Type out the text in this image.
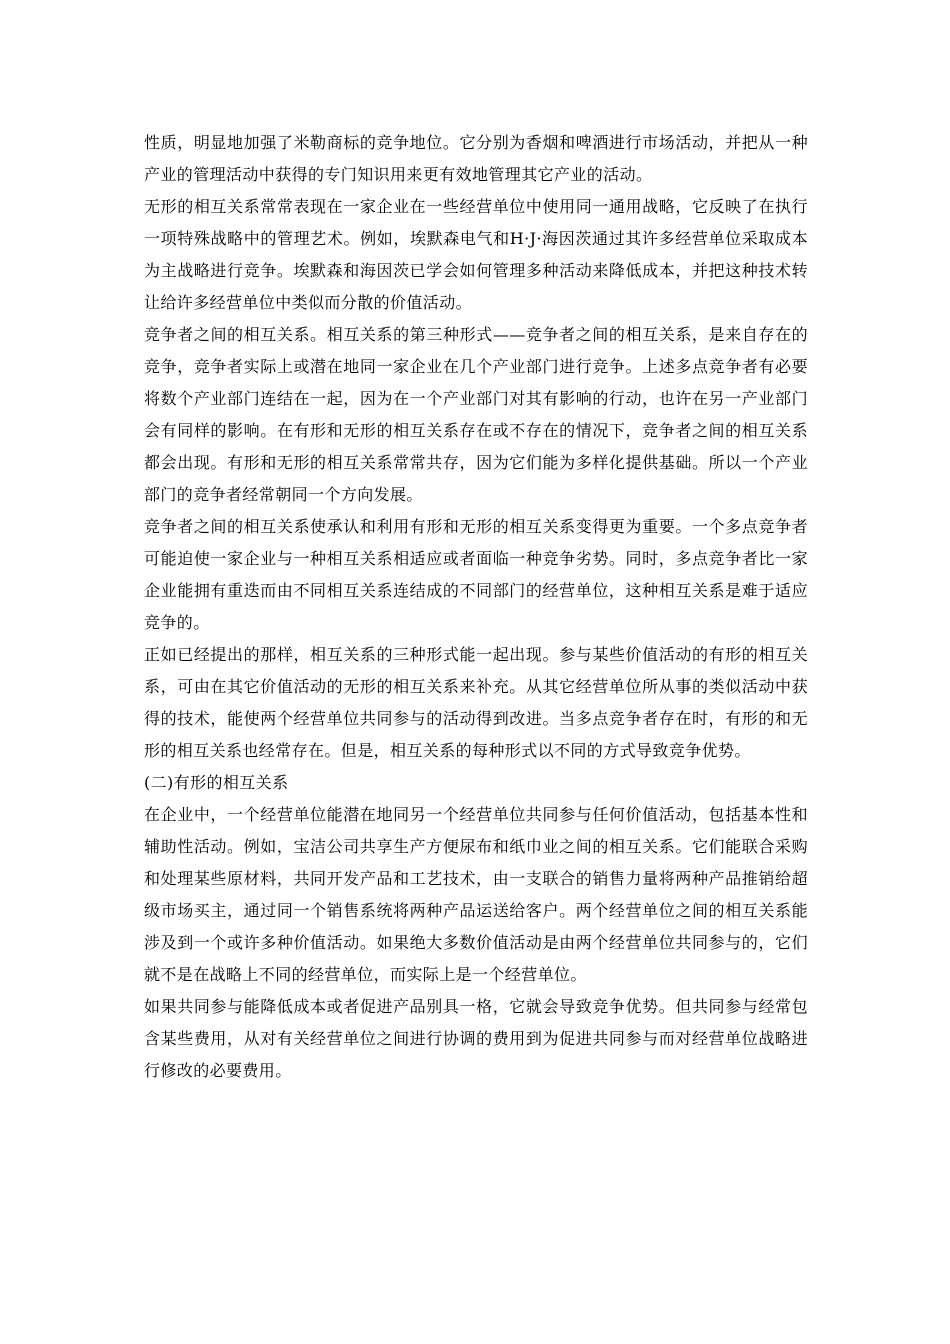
性质，明显地加强了米勒商标的竞争地位。它分别为香烟和啤酒进行市场活动，并把从一种产业的管理活动中获得的专门知识用来更有效地管理其它产业的活动。

无形的相互关系常常表现在一家企业在一些经营单位中使用同一通用战略，它反映了在执行一项特殊战略中的管理艺术。例如，埃默森电气和H·J·海因茨通过其许多经营单位采取成本为主战略进行竞争。埃默森和海因茨已学会如何管理多种活动来降低成本，并把这种技术转让给许多经营单位中类似而分散的价值活动。

竞争者之间的相互关系。相互关系的第三种形式——竞争者之间的相互关系，是来自存在的竞争，竞争者实际上或潜在地同一家企业在几个产业部门进行竞争。上述多点竞争者有必要将数个产业部门连结在一起，因为在一个产业部门对其有影响的行动，也许在另一产业部门会有同样的影响。在有形和无形的相互关系存在或不存在的情况下，竞争者之间的相互关系都会出现。有形和无形的相互关系常常共存，因为它们能为多样化提供基础。所以一个产业部门的竞争者经常朝同一个方向发展。

竞争者之间的相互关系使承认和利用有形和无形的相互关系变得更为重要。一个多点竞争者可能迫使一家企业与一种相互关系相适应或者面临一种竞争劣势。同时，多点竞争者比一家企业能拥有重迭而由不同相互关系连结成的不同部门的经营单位，这种相互关系是难于适应竞争的。

正如已经提出的那样，相互关系的三种形式能一起出现。参与某些价值活动的有形的相互关系，可由在其它价值活动的无形的相互关系来补充。从其它经营单位所从事的类似活动中获得的技术，能使两个经营单位共同参与的活动得到改进。当多点竞争者存在时，有形的和无形的相互关系也经常存在。但是，相互关系的每种形式以不同的方式导致竞争优势。

(二)有形的相互关系

在企业中，一个经营单位能潜在地同另一个经营单位共同参与任何价值活动，包括基本性和辅助性活动。例如，宝洁公司共享生产方便尿布和纸巾业之间的相互关系。它们能联合采购和处理某些原材料，共同开发产品和工艺技术，由一支联合的销售力量将两种产品推销给超级市场买主，通过同一个销售系统将两种产品运送给客户。两个经营单位之间的相互关系能涉及到一个或许多种价值活动。如果绝大多数价值活动是由两个经营单位共同参与的，它们就不是在战略上不同的经营单位，而实际上是一个经营单位。

如果共同参与能降低成本或者促进产品别具一格，它就会导致竞争优势。但共同参与经常包含某些费用，从对有关经营单位之间进行协调的费用到为促进共同参与而对经营单位战略进行修改的必要费用。
